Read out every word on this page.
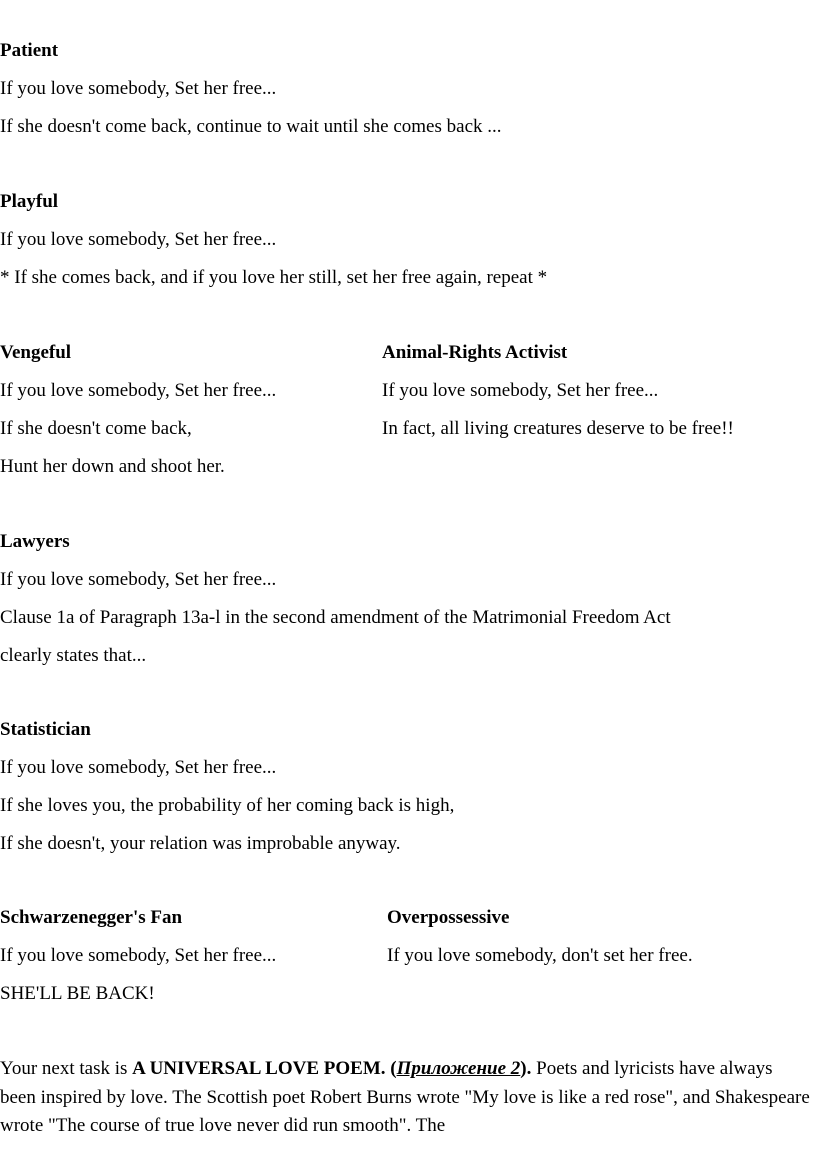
Patient
If you love somebody, Set her free...
If she doesn't come back, continue to wait until she comes back ...
Playful
If you love somebody, Set her free...
* If she comes back, and if you love her still, set her free again, repeat *
Vengeful
If you love somebody, Set her free...
If she doesn't come back,
Hunt her down and shoot her.
Animal-Rights Activist
If you love somebody, Set her free...
In fact, all living creatures deserve to be free!!
Lawyers
If you love somebody, Set her free...
Clause 1a of Paragraph 13a-l in the second amendment of the Matrimonial Freedom Act
clearly states that...
Statistician
If you love somebody, Set her free...
If she loves you, the probability of her coming back is high,
If she doesn't, your relation was improbable anyway.
Schwarzenegger's Fan
If you love somebody, Set her free...
SHE'LL BE BACK!
Overpossessive
If you love somebody, don't set her free.
Your next task is A UNIVERSAL LOVE POEM. (Приложение 2). Poets and lyricists have always been inspired by love. The Scottish poet Robert Burns wrote "My love is like a red rose", and Shakespeare wrote "The course of true love never did run smooth". The
